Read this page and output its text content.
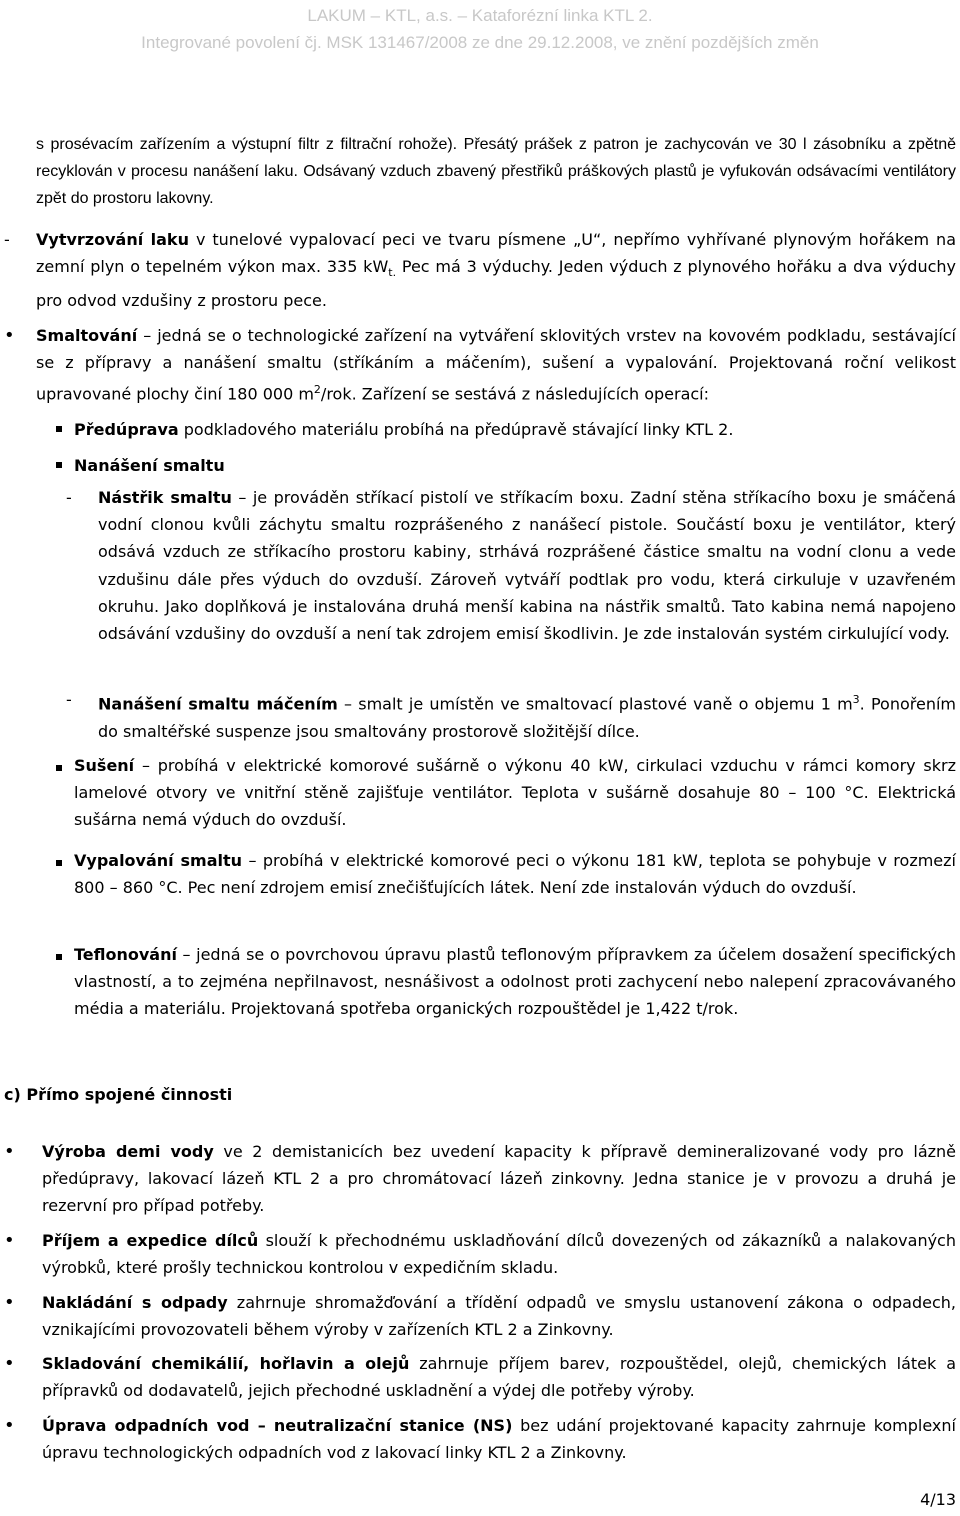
LAKUM – KTL, a.s. – Kataforézní linka KTL 2.
Integrované povolení čj. MSK 131467/2008 ze dne 29.12.2008, ve znění pozdějších změn
s prosévacím zařízením a výstupní filtr z filtrační rohože). Přesátý prášek z patron je zachycován ve 30 l zásobníku a zpětně recyklován v procesu nanášení laku. Odsávaný vzduch zbavený přestřiků práškových plastů je vyfukován odsávacími ventilátory zpět do prostoru lakovny.
- Vytvrzování laku v tunelové vypalovací peci ve tvaru písmene „U“, nepřímo vyhřívané plynovým hořákem na zemní plyn o tepelném výkon max. 335 $kW_{t.}$ Pec má 3 výduchy. Jeden výduch z plynového hořáku a dva výduchy pro odvod vzdušiny z prostoru pece.
• Smaltování – jedná se o technologické zařízení na vytváření sklovitých vrstev na kovovém podkladu, sestávající se z přípravy a nanášení smaltu (stříkáním a máčením), sušení a vypalování. Projektovaná roční velikost upravované plochy činí 180 000 $m^2$/rok. Zařízení se sestává z následujících operací:
Předúprava podkladového materiálu probíhá na předúpravě stávající linky KTL 2.
Nanášení smaltu
- Nástřik smaltu – je prováděn stříkací pistolí ve stříkacím boxu. Zadní stěna stříkacího boxu je smáčená vodní clonou kvůli záchytu smaltu rozprášeného z nanášecí pistole. Součástí boxu je ventilátor, který odsává vzduch ze stříkacího prostoru kabiny, strhává rozprášené částice smaltu na vodní clonu a vede vzdušinu dále přes výduch do ovzduší. Zároveň vytváří podtlak pro vodu, která cirkuluje v uzavřeném okruhu. Jako doplňková je instalována druhá menší kabina na nástřik smaltů. Tato kabina nemá napojeno odsávání vzdušiny do ovzduší a není tak zdrojem emisí škodlivin. Je zde instalován systém cirkulující vody.
- Nanášení smaltu máčením – smalt je umístěn ve smaltovací plastové vaně o objemu 1 $m^3$. Ponořením do smaltéřské suspenze jsou smaltovány prostorově složitější dílce.
Sušení – probíhá v elektrické komorové sušárně o výkonu 40 kW, cirkulaci vzduchu v rámci komory skrz lamelové otvory ve vnitřní stěně zajišťuje ventilátor. Teplota v sušárně dosahuje 80 – 100 °C. Elektrická sušárna nemá výduch do ovzduší.
Vypalování smaltu – probíhá v elektrické komorové peci o výkonu 181 kW, teplota se pohybuje v rozmezí 800 – 860 °C. Pec není zdrojem emisí znečišťujících látek. Není zde instalován výduch do ovzduší.
Teflonování – jedná se o povrchovou úpravu plastů teflonovým přípravkem za účelem dosažení specifických vlastností, a to zejména nepřilnavost, nesnášivost a odolnost proti zachycení nebo nalepení zpracovávaného média a materiálu. Projektovaná spotřeba organických rozpouštědel je 1,422 t/rok.
c) Přímo spojené činnosti
• Výroba demi vody ve 2 demistanicích bez uvedení kapacity k přípravě demineralizované vody pro lázně předúpravy, lakovací lázeň KTL 2 a pro chromátovací lázeň zinkovny. Jedna stanice je v provozu a druhá je rezervní pro případ potřeby.
• Příjem a expedice dílců slouží k přechodnému uskladňování dílců dovezených od zákazníků a nalakovaných výrobků, které prošly technickou kontrolou v expedičním skladu.
• Nakládání s odpady zahrnuje shromažďování a třídění odpadů ve smyslu ustanovení zákona o odpadech, vznikajícími provozovateli během výroby v zařízeních KTL 2 a Zinkovny.
• Skladování chemikálií, hořlavin a olejů zahrnuje příjem barev, rozpouštědel, olejů, chemických látek a přípravků od dodavatelů, jejich přechodné uskladnění a výdej dle potřeby výroby.
• Úprava odpadních vod – neutralizační stanice (NS) bez udání projektované kapacity zahrnuje komplexní úpravu technologických odpadních vod z lakovací linky KTL 2 a Zinkovny.
4/13
